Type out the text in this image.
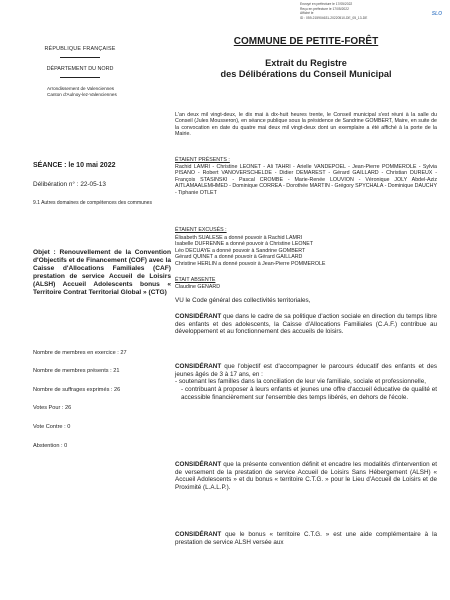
Envoyé en préfecture le 17/05/2022
Reçu en préfecture le 17/05/2022
Affiché le
ID : 059-215904631-20220510-DE_05_13-DE
SLO
RÉPUBLIQUE FRANÇAISE
DÉPARTEMENT DU NORD
Arrondissement de Valenciennes
Canton d'Aulnoy-lez-Valenciennes
SÉANCE : le 10 mai 2022
Délibération n° : 22-05-13
9.1 Autres domaines de compétences des communes
Objet : Renouvellement de la Convention d'Objectifs et de Financement (COF) avec la Caisse d'Allocations Familiales (CAF) prestation de service Accueil de Loisirs (ALSH) Accueil Adolescents bonus « Territoire Contrat Territorial Global » (CTG)
Nombre de membres en exercice : 27
Nombre de membres présents : 21
Nombre de suffrages exprimés : 26
Votes Pour : 26
Vote Contre : 0
Abstention : 0
COMMUNE DE PETITE-FORÊT
Extrait du Registre
des Délibérations du Conseil Municipal
L'an deux mil vingt-deux, le dix mai à dix-huit heures trente, le Conseil municipal s'est réuni à la salle du Conseil (Jules Mousseron), en séance publique sous la présidence de Sandrine GOMBERT, Maire, en suite de la convocation en date du quatre mai deux mil vingt-deux dont un exemplaire a été affiché à la porte de la Mairie.
ÉTAIENT PRÉSENTS :
Rachid LAMRI - Christine LEONET - Ali TAHRI - Arielle VANDEPOEL - Jean-Pierre POMMEROLE - Sylvia PISANO - Robert VANOVERSCHELDE - Didier DEMAREST - Gérard GAILLARD - Christian DUREUX - François STASINSKI - Pascal CROMBE - Marie-Renée LOUVION - Véronique JOLY Abdel-Aziz AITLAMAALEMHMED - Dominique CORREA - Dorothée MARTIN - Grégory SPYCHALA - Dominique DAUCHY - Tiphanie OTLET
ÉTAIENT EXCUSÉS :
Élisabeth SUALESE a donné pouvoir à Rachid LAMRI
Isabelle DUFRENNE a donné pouvoir à Christine LEONET
Léo DECUAYE a donné pouvoir à Sandrine GOMBERT
Gérard QUINET a donné pouvoir à Gérard GAILLARD
Christine HERLIN a donné pouvoir à Jean-Pierre POMMEROLE
ÉTAIT ABSENTE
Claudine GENARD
VU le Code général des collectivités territoriales,
CONSIDÉRANT que dans le cadre de sa politique d'action sociale en direction du temps libre des enfants et des adolescents, la Caisse d'Allocations Familiales (C.A.F.) contribue au développement et au fonctionnement des accueils de loisirs.
CONSIDÉRANT que l'objectif est d'accompagner le parcours éducatif des enfants et des jeunes âgés de 3 à 17 ans, en :
- soutenant les familles dans la conciliation de leur vie familiale, sociale et professionnelle,
- contribuant à proposer à leurs enfants et jeunes une offre d'accueil éducative de qualité et accessible financièrement sur l'ensemble des temps libérés, en dehors de l'école.
CONSIDÉRANT que la présente convention définit et encadre les modalités d'intervention et de versement de la prestation de service Accueil de Loisirs Sans Hébergement (ALSH) « Accueil Adolescents » et du bonus « territoire C.T.G. » pour le Lieu d'Accueil de Loisirs et de Proximité (L.A.L.P.).
CONSIDÉRANT que le bonus « territoire C.T.G. » est une aide complémentaire à la prestation de service ALSH versée aux
